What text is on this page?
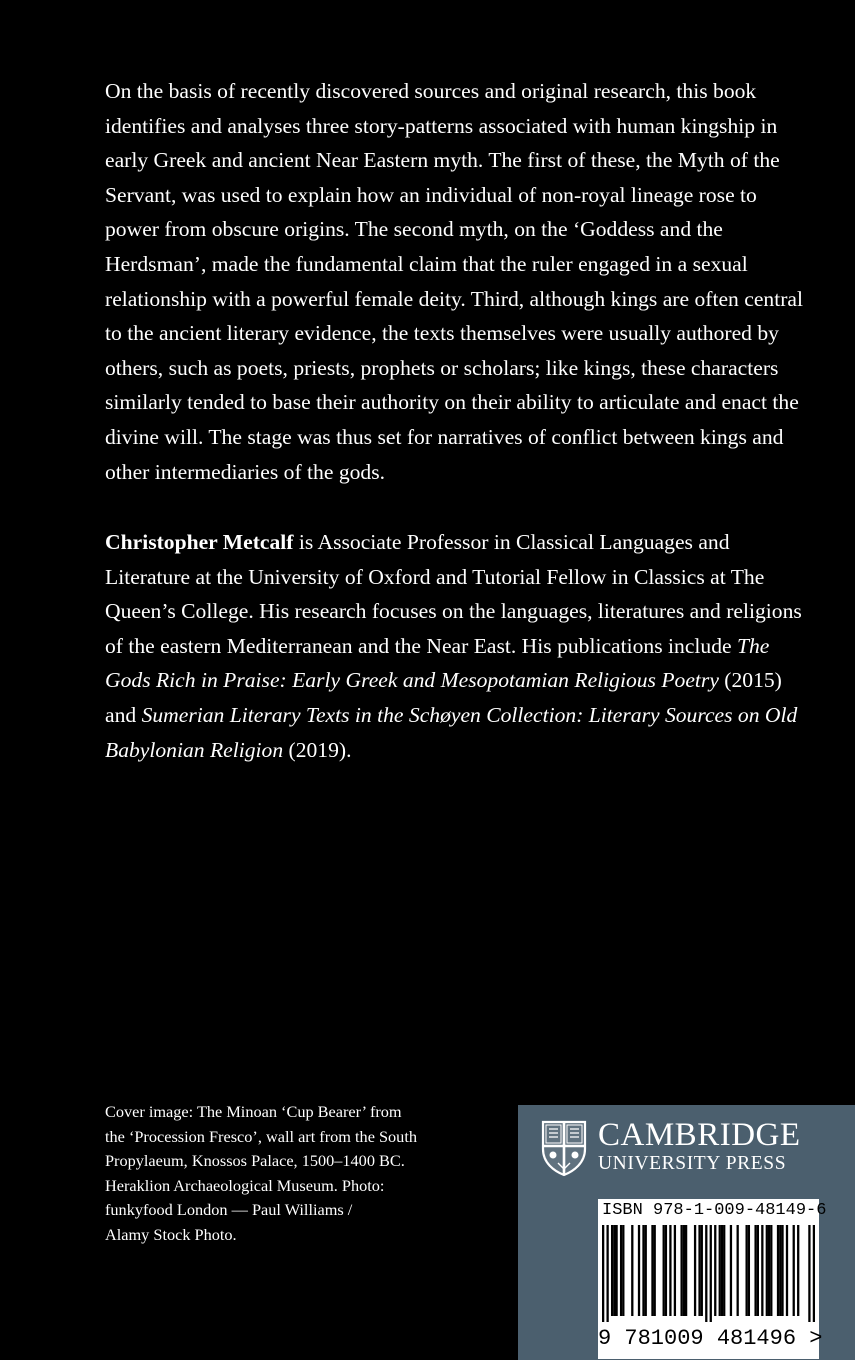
On the basis of recently discovered sources and original research, this book identifies and analyses three story-patterns associated with human kingship in early Greek and ancient Near Eastern myth. The first of these, the Myth of the Servant, was used to explain how an individual of non-royal lineage rose to power from obscure origins. The second myth, on the ‘Goddess and the Herdsman’, made the fundamental claim that the ruler engaged in a sexual relationship with a powerful female deity. Third, although kings are often central to the ancient literary evidence, the texts themselves were usually authored by others, such as poets, priests, prophets or scholars; like kings, these characters similarly tended to base their authority on their ability to articulate and enact the divine will. The stage was thus set for narratives of conflict between kings and other intermediaries of the gods.

Christopher Metcalf is Associate Professor in Classical Languages and Literature at the University of Oxford and Tutorial Fellow in Classics at The Queen’s College. His research focuses on the languages, literatures and religions of the eastern Mediterranean and the Near East. His publications include The Gods Rich in Praise: Early Greek and Mesopotamian Religious Poetry (2015) and Sumerian Literary Texts in the Schøyen Collection: Literary Sources on Old Babylonian Religion (2019).

Cover image: The Minoan ‘Cup Bearer’ from
the ‘Procession Fresco’, wall art from the South
Propylaeum, Knossos Palace, 1500–1400 BC.
Heraklion Archaeological Museum. Photo:
funkyfood London — Paul Williams /
Alamy Stock Photo.
CAMBRIDGE
UNIVERSITY PRESS
ISBN 978-1-009-48149-6
9 781009 481496 >
